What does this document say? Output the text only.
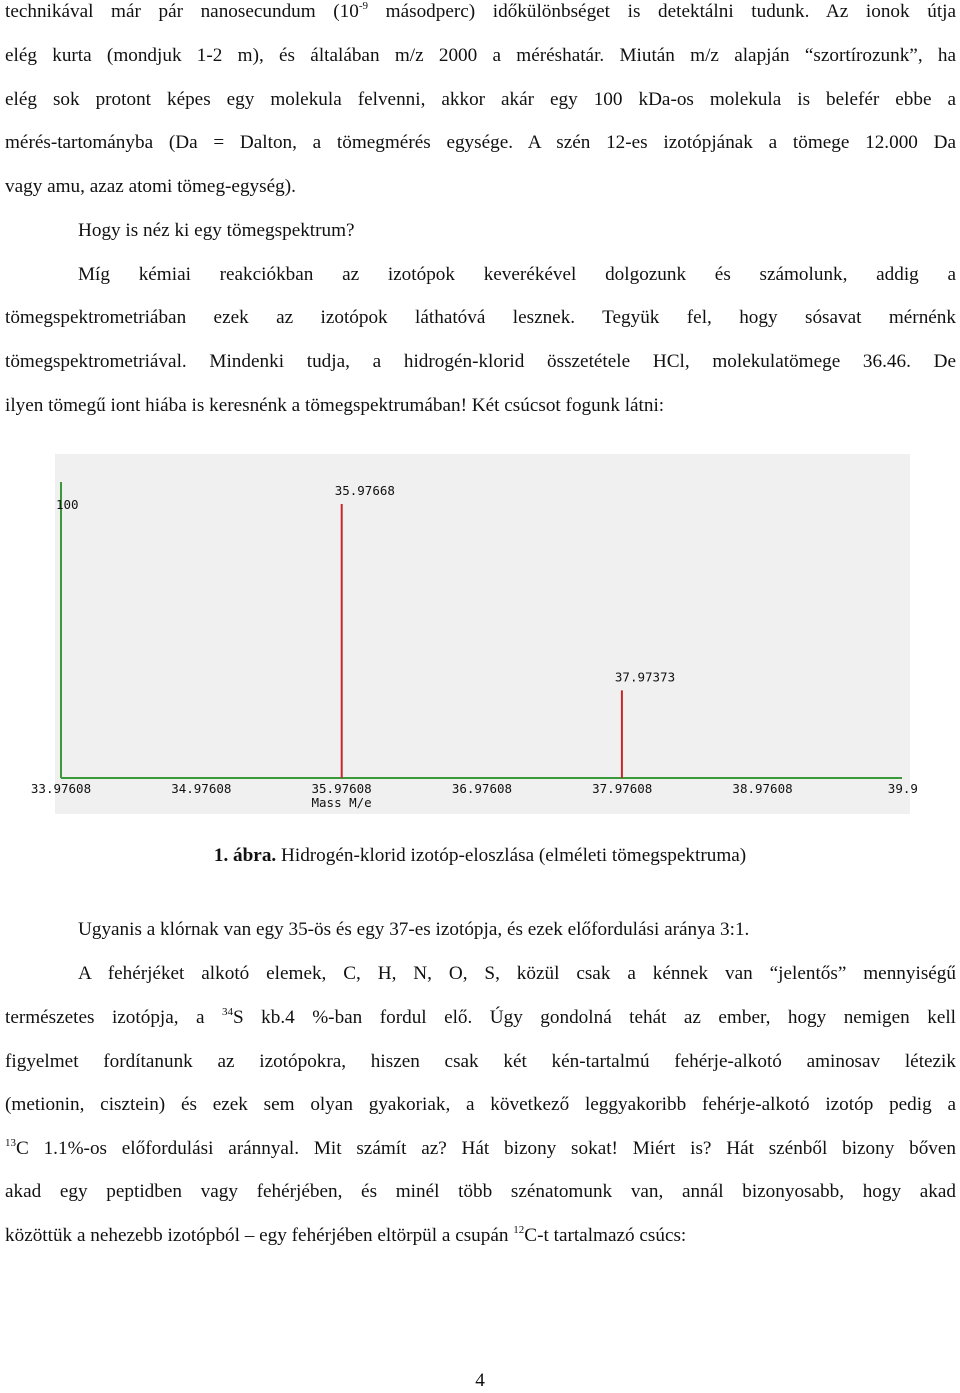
technikával már pár nanosecundum ($10^{-9}$ másodperc) időkülönbséget is detektálni tudunk. Az ionok útja
elég kurta (mondjuk 1-2 m), és általában m/z 2000 a méréshatár. Miután m/z alapján “szortírozunk”, ha
elég sok protont képes egy molekula felvenni, akkor akár egy 100 kDa-os molekula is belefér ebbe a
mérés-tartományba (Da = Dalton, a tömegmérés egysége. A szén 12-es izotópjának a tömege 12.000 Da
vagy amu, azaz atomi tömeg-egység).
Hogy is néz ki egy tömegspektrum?
Míg kémiai reakciókban az izotópok keverékével dolgozunk és számolunk, addig a
tömegspektrometriában ezek az izotópok láthatóvá lesznek. Tegyük fel, hogy sósavat mérnénk
tömegspektrometriával. Mindenki tudja, a hidrogén-klorid összetétele HCl, molekulatömege 36.46. De
ilyen tömegű iont hiába is keresnénk a tömegspektrumában! Két csúcsot fogunk látni:
100
33.97608	34.97608	35.97608	36.97608	37.97608	38.97608	39.9
Mass M/e
35.97668
37.97373
1. ábra. Hidrogén-klorid izotóp-eloszlása (elméleti tömegspektruma)
Ugyanis a klórnak van egy 35-ös és egy 37-es izotópja, és ezek előfordulási aránya 3:1.
A fehérjéket alkotó elemek, C, H, N, O, S, közül csak a kénnek van “jelentős” mennyiségű
természetes izotópja, a $^{34}$S kb.4 %-ban fordul elő. Úgy gondolná tehát az ember, hogy nemigen kell
figyelmet fordítanunk az izotópokra, hiszen csak két kén-tartalmú fehérje-alkotó aminosav létezik
(metionin, cisztein) és ezek sem olyan gyakoriak, a következő leggyakoribb fehérje-alkotó izotóp pedig a
$^{13}$C 1.1%-os előfordulási aránnyal. Mit számít az? Hát bizony sokat! Miért is? Hát szénből bizony bőven
akad egy peptidben vagy fehérjében, és minél több szénatomunk van, annál bizonyosabb, hogy akad
közöttük a nehezebb izotópból – egy fehérjében eltörpül a csupán $^{12}$C-t tartalmazó csúcs:
4
